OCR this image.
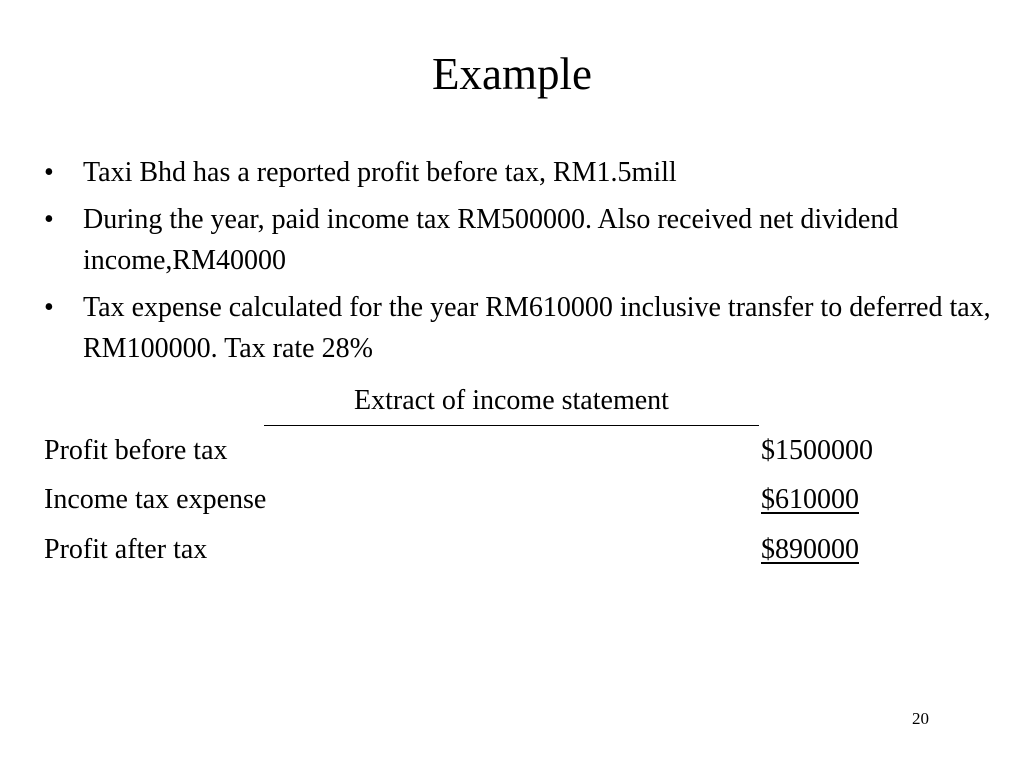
Example
•	Taxi Bhd has a reported profit before tax, RM1.5mill
•	During the year, paid income tax RM500000. Also received net dividend income,RM40000
•	Tax expense calculated for the year RM610000 inclusive transfer to deferred tax, RM100000. Tax rate 28%
Extract of income statement
Profit before tax	$1500000
Income tax expense	$610000
Profit after tax	$890000
20
